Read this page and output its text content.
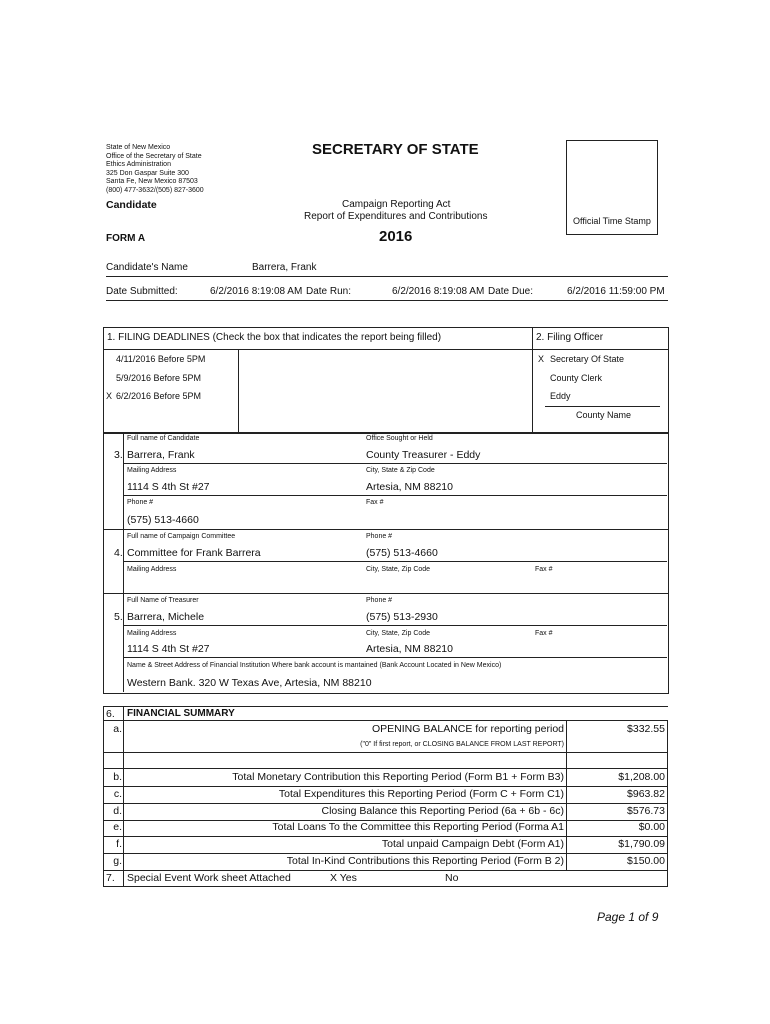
State of New Mexico
Office of the Secretary of State
Ethics Administration
325 Don Gaspar Suite 300
Santa Fe, New Mexico 87503
(800) 477-3632/(505) 827-3600
SECRETARY OF STATE
Candidate	Campaign Reporting Act
Report of Expenditures and Contributions
2016
FORM A
Official Time Stamp
Candidate's Name	Barrera, Frank
Date Submitted:	6/2/2016 8:19:08 AM Date Run:	6/2/2016 8:19:08 AM Date Due:	6/2/2016 11:59:00 PM
1. FILING DEADLINES (Check the box that indicates the report being filled)	2. Filing Officer
4/11/2016 Before 5PM
5/9/2016 Before 5PM
X 6/2/2016 Before 5PM
X Secretary Of State
County Clerk
Eddy
County Name
3.
Full name of Candidate
Barrera, Frank
Office Sought or Held
County Treasurer - Eddy
Mailing Address
1114 S 4th St #27
City, State & Zip Code
Artesia, NM 88210
Phone #
(575) 513-4660
Fax #
4.
Full name of Campaign Committee
Committee for Frank Barrera
Phone #
(575) 513-4660
Mailing Address	City, State, Zip Code	Fax #
5.
Full Name of Treasurer
Barrera, Michele
Phone #
(575) 513-2930
Mailing Address
1114 S 4th St #27
City, State, Zip Code
Artesia, NM 88210
Fax #
Name & Street Address of Financial Institution Where bank account is mantained (Bank Account Located in New Mexico)
Western Bank. 320 W Texas Ave, Artesia, NM 88210
6. FINANCIAL SUMMARY
a.	OPENING BALANCE for reporting period	$332.55
("0" If first report, or CLOSING BALANCE FROM LAST REPORT)
b.	Total Monetary Contribution this Reporting Period (Form B1 + Form B3)	$1,208.00
c.	Total Expenditures this Reporting Period (Form C + Form C1)	$963.82
d.	Closing Balance this Reporting Period (6a + 6b - 6c)	$576.73
e.	Total Loans To the Committee this Reporting Period (Forma A1	$0.00
f.	Total unpaid Campaign Debt (Form A1)	$1,790.09
g.	Total In-Kind Contributions this Reporting Period (Form B 2)	$150.00
7. Special Event Work sheet Attached	X Yes	No
Page 1 of 9
